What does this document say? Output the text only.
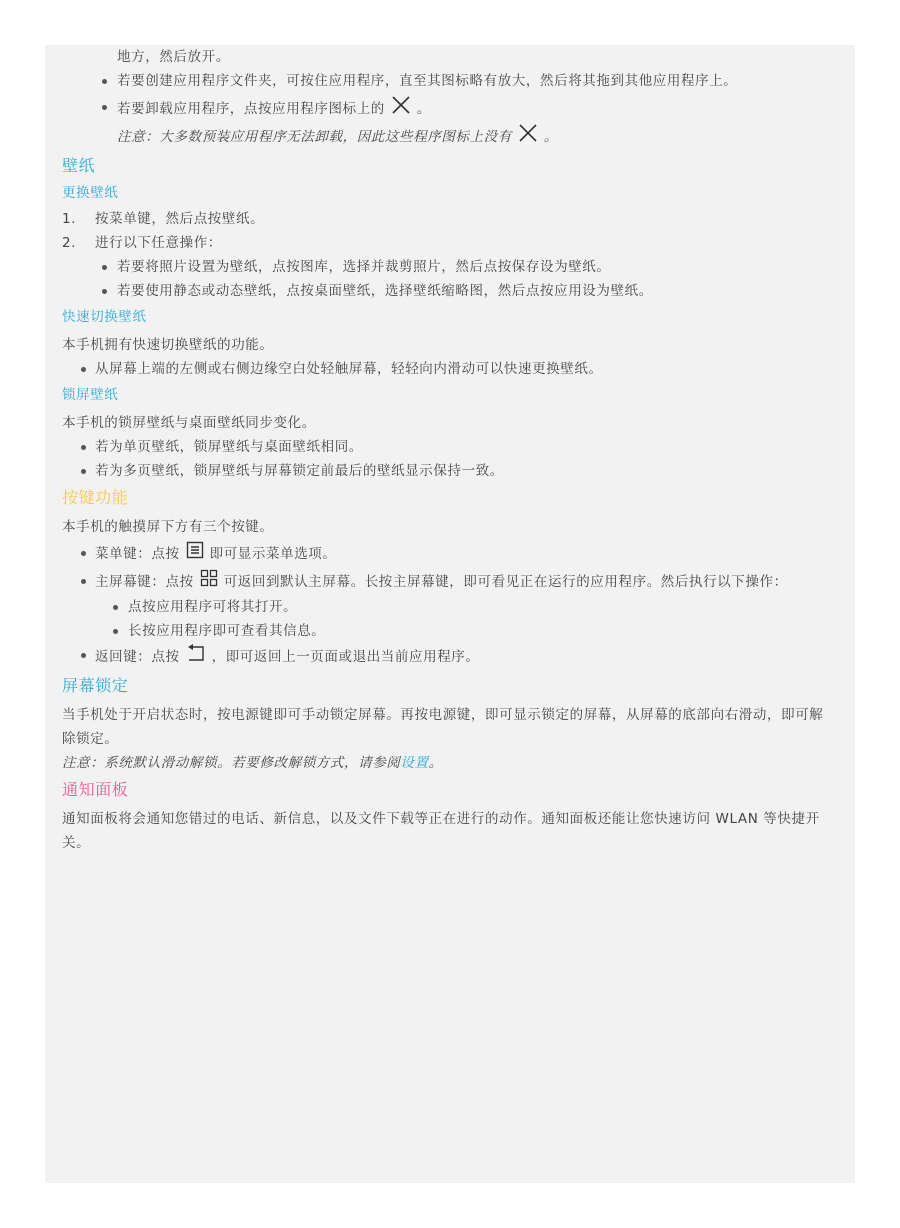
地方，然后放开。

若要创建应用程序文件夹，可按住应用程序，直至其图标略有放大，然后将其拖到其他应用程序上。
若要卸载应用程序，点按应用程序图标上的 。

注意：大多数预装应用程序无法卸载，因此这些程序图标上没有 。

壁纸
更换壁纸
1. 按菜单键，然后点按壁纸。
2. 进行以下任意操作：
若要将照片设置为壁纸，点按图库，选择并裁剪照片，然后点按保存设为壁纸。
若要使用静态或动态壁纸，点按桌面壁纸，选择壁纸缩略图，然后点按应用设为壁纸。
快速切换壁纸

本手机拥有快速切换壁纸的功能。

从屏幕上端的左侧或右侧边缘空白处轻触屏幕，轻轻向内滑动可以快速更换壁纸。
锁屏壁纸

本手机的锁屏壁纸与桌面壁纸同步变化。

若为单页壁纸，锁屏壁纸与桌面壁纸相同。
若为多页壁纸，锁屏壁纸与屏幕锁定前最后的壁纸显示保持一致。
按键功能

本手机的触摸屏下方有三个按键。

菜单键：点按 即可显示菜单选项。
主屏幕键：点按 可返回到默认主屏幕。长按主屏幕键，即可看见正在运行的应用程序。然后执行以下操作：
点按应用程序可将其打开。
长按应用程序即可查看其信息。
返回键：点按 ，即可返回上一页面或退出当前应用程序。
屏幕锁定

当手机处于开启状态时，按电源键即可手动锁定屏幕。再按电源键，即可显示锁定的屏幕，从屏幕的底部向右滑动，即可解除锁定。

注意：系统默认滑动解锁。若要修改解锁方式，请参阅设置。

通知面板

通知面板将会通知您错过的电话、新信息，以及文件下载等正在进行的动作。通知面板还能让您快速访问 WLAN 等快捷开关。
